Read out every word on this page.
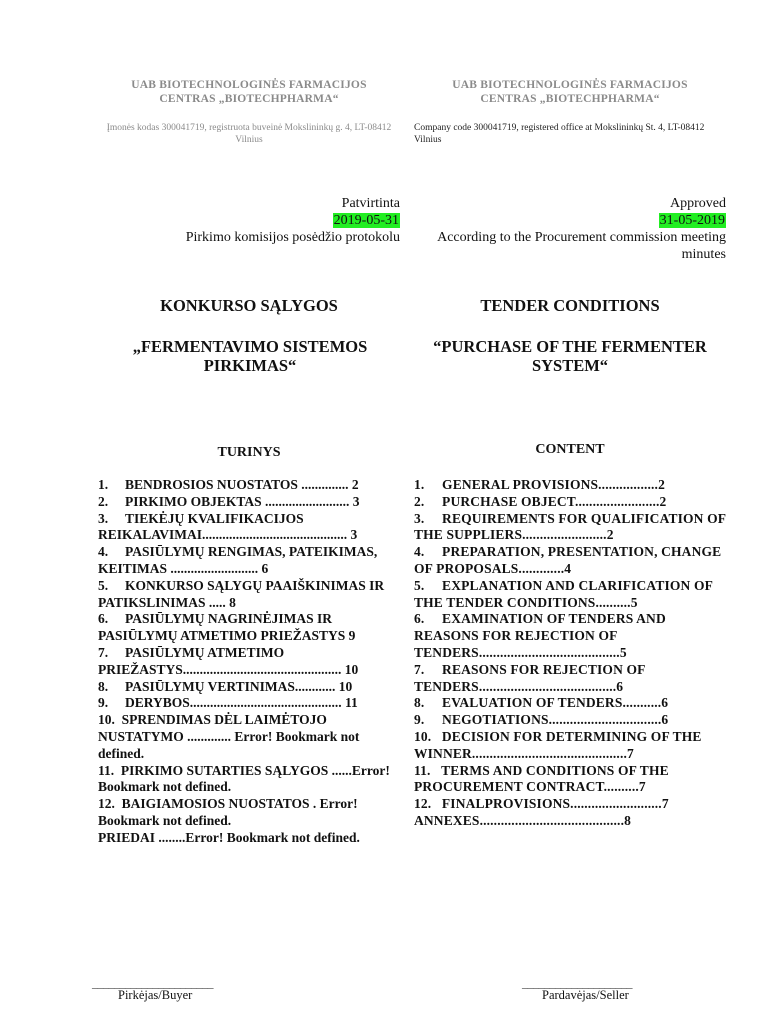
UAB BIOTECHNOLOGINĖS FARMACIJOS
CENTRAS „BIOTECHPHARMA“
UAB BIOTECHNOLOGINĖS FARMACIJOS
CENTRAS „BIOTECHPHARMA“
Įmonės kodas 300041719, registruota buveinė Mokslininkų g. 4, LT-08412 Vilnius
Company code 300041719, registered office at Mokslininkų St. 4, LT-08412 Vilnius
Patvirtinta
2019-05-31
Pirkimo komisijos posėdžio protokolu
Approved
31-05-2019
According to the Procurement commission meeting minutes
KONKURSO SĄLYGOS	TENDER CONDITIONS
„FERMENTAVIMO SISTEMOS PIRKIMAS“
“PURCHASE OF THE FERMENTER SYSTEM“
TURINYS	CONTENT
1.     BENDROSIOS NUOSTATOS .............. 2
2.     PIRKIMO OBJEKTAS ......................... 3
3.     TIEKĖJŲ KVALIFIKACIJOS REIKALAVIMAI........................................... 3
4.     PASIŪLYMŲ RENGIMAS, PATEIKIMAS, KEITIMAS .......................... 6
5.     KONKURSO SĄLYGŲ PAAIŠKINIMAS IR PATIKSLINIMAS ..... 8
6.     PASIŪLYMŲ NAGRINĖJIMAS IR PASIŪLYMŲ ATMETIMO PRIEŽASTYS 9
7.     PASIŪLYMŲ ATMETIMO PRIEŽASTYS............................................... 10
8.     PASIŪLYMŲ VERTINIMAS............ 10
9.     DERYBOS............................................. 11
10.  SPRENDIMAS DĖL LAIMĖTOJO NUSTATYMO ............. Error! Bookmark not defined.
11.  PIRKIMO SUTARTIES SĄLYGOS ......Error! Bookmark not defined.
12.  BAIGIAMOSIOS NUOSTATOS . Error! Bookmark not defined.
PRIEDAI ........Error! Bookmark not defined.
1.     GENERAL PROVISIONS.................2
2.     PURCHASE OBJECT........................2
3.     REQUIREMENTS FOR QUALIFICATION OF THE SUPPLIERS........................2
4.     PREPARATION, PRESENTATION, CHANGE OF PROPOSALS.............4
5.     EXPLANATION AND CLARIFICATION OF THE TENDER CONDITIONS..........5
6.     EXAMINATION OF TENDERS AND REASONS FOR REJECTION OF TENDERS........................................5
7.     REASONS FOR REJECTION OF TENDERS.......................................6
8.     EVALUATION OF TENDERS...........6
9.     NEGOTIATIONS................................6
10.   DECISION FOR DETERMINING OF THE WINNER............................................7
11.   TERMS AND CONDITIONS OF THE PROCUREMENT CONTRACT..........7
12.   FINALPROVISIONS..........................7
ANNEXES.........................................8
______________________
Pirkėjas/Buyer
____________________
Pardavėjas/Seller
